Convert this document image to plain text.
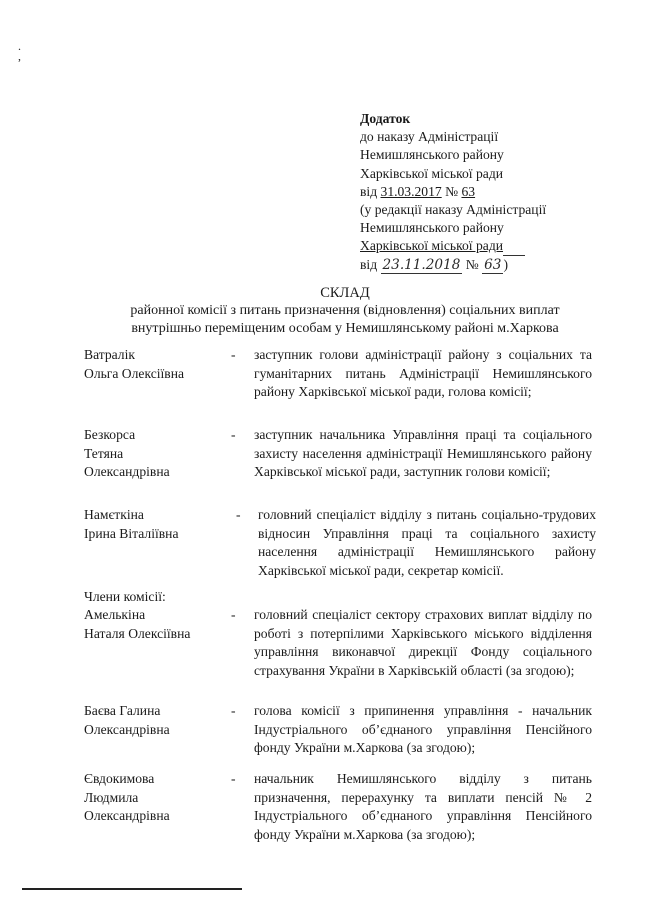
.
,
Додаток
до наказу Адміністрації
Немишлянського району
Харківської міської ради
від 31.03.2017 № 63
(у редакції наказу Адміністрації
Немишлянського району
Харківської міської ради
від 23.11.2018 № 63 )
СКЛАД
районної комісії з питань призначення (відновлення) соціальних виплат
внутрішньо переміщеним особам у Немишлянському районі м.Харкова
Ватралік
Ольга Олексіївна
- заступник голови адміністрації району з соціальних та гуманітарних питань Адміністрації Немишлянського району Харківської міської ради, голова комісії;
Безкорса
Тетяна
Олександрівна
- заступник начальника Управління праці та соціального захисту населення адміністрації Немишлянського району Харківської міської ради, заступник голови комісії;
Намєткіна
Ірина Віталіївна
- головний спеціаліст відділу з питань соціально-трудових відносин Управління праці та соціального захисту населення адміністрації Немишлянського району Харківської міської ради, секретар комісії.
Члени комісії:
Амелькіна
Наталя Олексіївна
- головний спеціаліст сектору страхових виплат відділу по роботі з потерпілими Харківського міського відділення управління виконавчої дирекції Фонду соціального страхування України в Харківській області (за згодою);
Баєва Галина
Олександрівна
- голова комісії з припинення управління - начальник Індустріального об’єднаного управління Пенсійного фонду України м.Харкова (за згодою);
Євдокимова
Людмила
Олександрівна
- начальник Немишлянського відділу з питань призначення, перерахунку та виплати пенсій № 2 Індустріального об’єднаного управління Пенсійного фонду України м.Харкова (за згодою);
